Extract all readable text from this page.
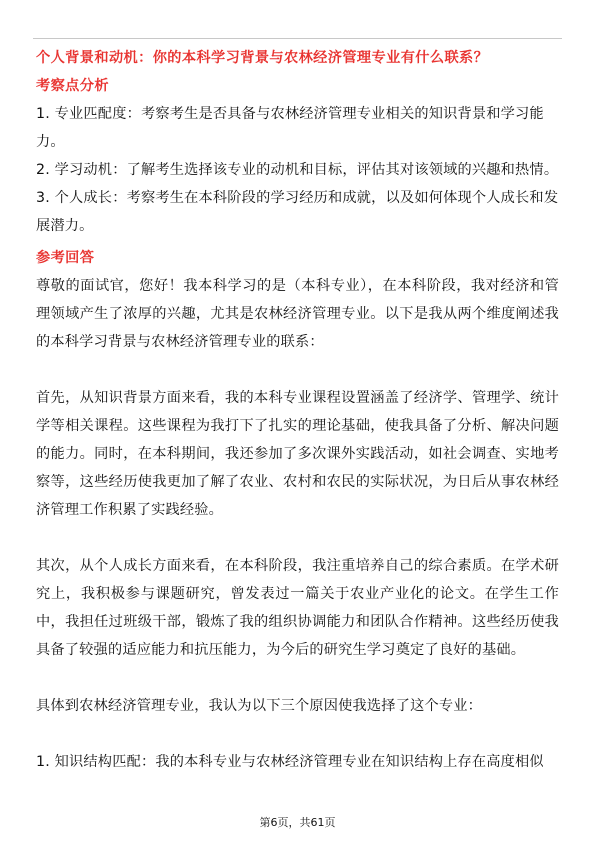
个人背景和动机：你的本科学习背景与农林经济管理专业有什么联系？

考察点分析

1. 专业匹配度：考察考生是否具备与农林经济管理专业相关的知识背景和学习能力。

2. 学习动机：了解考生选择该专业的动机和目标，评估其对该领域的兴趣和热情。

3. 个人成长：考察考生在本科阶段的学习经历和成就，以及如何体现个人成长和发展潜力。

参考回答

尊敬的面试官，您好！我本科学习的是（本科专业），在本科阶段，我对经济和管理领域产生了浓厚的兴趣，尤其是农林经济管理专业。以下是我从两个维度阐述我的本科学习背景与农林经济管理专业的联系：

首先，从知识背景方面来看，我的本科专业课程设置涵盖了经济学、管理学、统计学等相关课程。这些课程为我打下了扎实的理论基础，使我具备了分析、解决问题的能力。同时，在本科期间，我还参加了多次课外实践活动，如社会调查、实地考察等，这些经历使我更加了解了农业、农村和农民的实际状况，为日后从事农林经济管理工作积累了实践经验。

其次，从个人成长方面来看，在本科阶段，我注重培养自己的综合素质。在学术研究上，我积极参与课题研究，曾发表过一篇关于农业产业化的论文。在学生工作中，我担任过班级干部，锻炼了我的组织协调能力和团队合作精神。这些经历使我具备了较强的适应能力和抗压能力，为今后的研究生学习奠定了良好的基础。

具体到农林经济管理专业，我认为以下三个原因使我选择了这个专业：

1. 知识结构匹配：我的本科专业与农林经济管理专业在知识结构上存在高度相似

第6页，共61页
